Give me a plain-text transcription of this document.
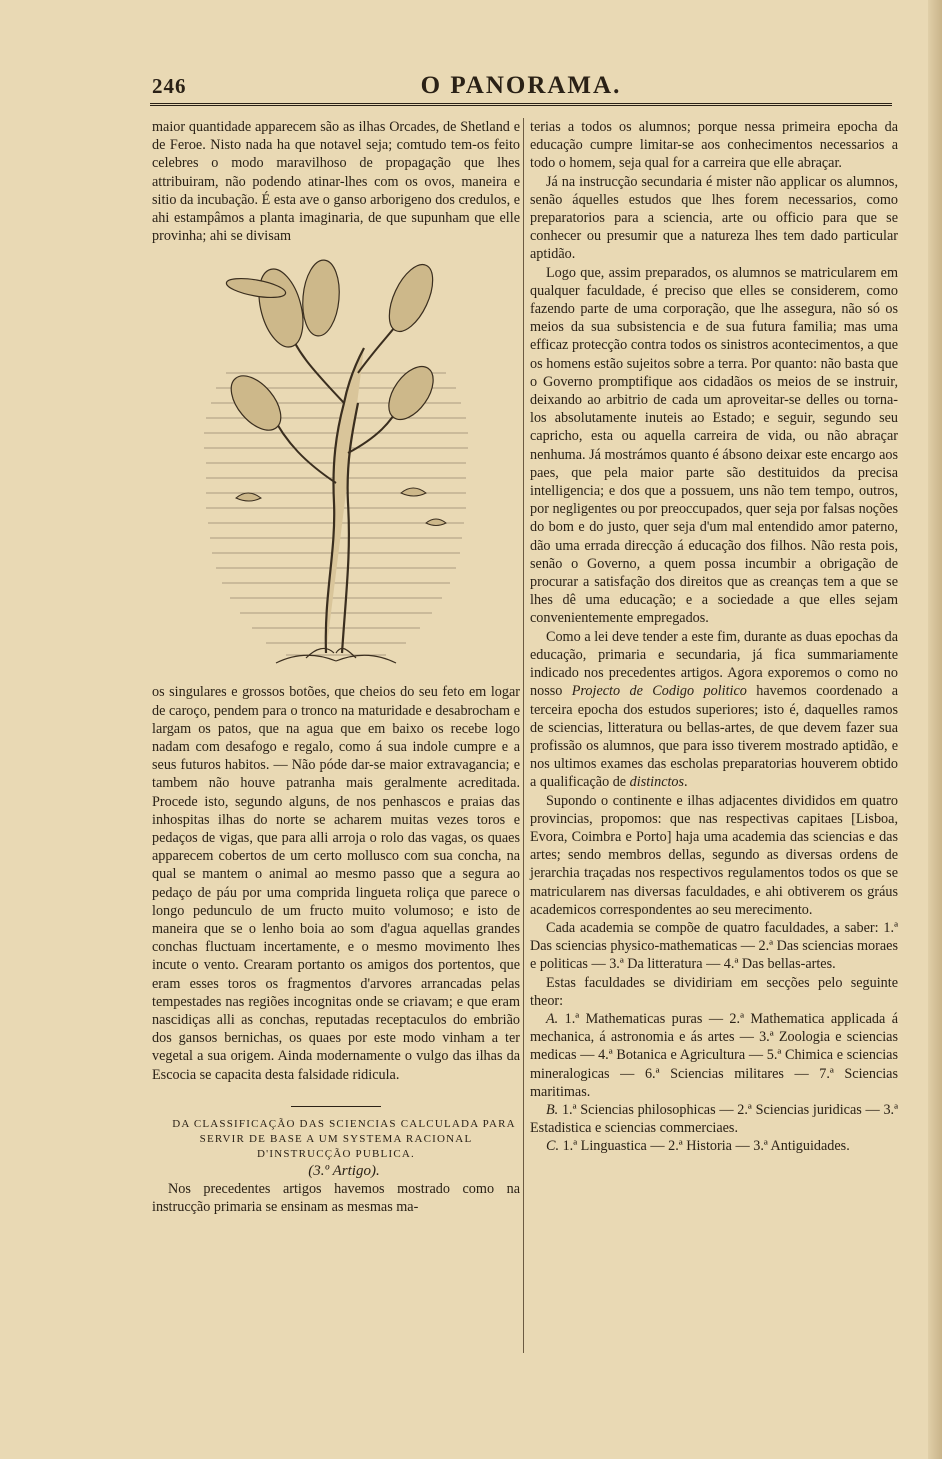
246	O PANORAMA.

maior quantidade apparecem são as ilhas Orcades, de Shetland e de Feroe. Nisto nada ha que notavel seja; comtudo tem-os feito celebres o modo maravilhoso de propagação que lhes attribuiram, não podendo atinar-lhes com os ovos, maneira e sitio da incubação. É esta ave o ganso arborigeno dos credulos, e ahi estampâmos a planta imaginaria, de que supunham que elle provinha; ahi se divisam

os singulares e grossos botões, que cheios do seu feto em logar de caroço, pendem para o tronco na maturidade e desabrocham e largam os patos, que na agua que em baixo os recebe logo nadam com desafogo e regalo, como á sua indole cumpre e a seus futuros habitos. — Não póde dar-se maior extravagancia; e tambem não houve patranha mais geralmente acreditada. Procede isto, segundo alguns, de nos penhascos e praias das inhospitas ilhas do norte se acharem muitas vezes toros e pedaços de vigas, que para alli arroja o rolo das vagas, os quaes apparecem cobertos de um certo mollusco com sua concha, na qual se mantem o animal ao mesmo passo que a segura ao pedaço de páu por uma comprida lingueta roliça que parece o longo pedunculo de um fructo muito volumoso; e isto de maneira que se o lenho boia ao som d'agua aquellas grandes conchas fluctuam incertamente, e o mesmo movimento lhes incute o vento. Crearam portanto os amigos dos portentos, que eram esses toros os fragmentos d'arvores arrancadas pelas tempestades nas regiões incognitas onde se criavam; e que eram nascidiças alli as conchas, reputadas receptaculos do embrião dos gansos bernichas, os quaes por este modo vinham a ter vegetal a sua origem. Ainda modernamente o vulgo das ilhas da Escocia se capacita desta falsidade ridicula.

DA CLASSIFICAÇÃO DAS SCIENCIAS CALCULADA PARA SERVIR DE BASE A UM SYSTEMA RACIONAL D'INSTRUCÇÃO PUBLICA.

(3.º Artigo).

Nos precedentes artigos havemos mostrado como na instrucção primaria se ensinam as mesmas ma-

terias a todos os alumnos; porque nessa primeira epocha da educação cumpre limitar-se aos conhecimentos necessarios a todo o homem, seja qual for a carreira que elle abraçar.

Já na instrucção secundaria é mister não applicar os alumnos, senão áquelles estudos que lhes forem necessarios, como preparatorios para a sciencia, arte ou officio para que se conhecer ou presumir que a natureza lhes tem dado particular aptidão.

Logo que, assim preparados, os alumnos se matricularem em qualquer faculdade, é preciso que elles se considerem, como fazendo parte de uma corporação, que lhe assegura, não só os meios da sua subsistencia e de sua futura familia; mas uma efficaz protecção contra todos os sinistros acontecimentos, a que os homens estão sujeitos sobre a terra. Por quanto: não basta que o Governo promptifique aos cidadãos os meios de se instruir, deixando ao arbitrio de cada um aproveitar-se delles ou torna-los absolutamente inuteis ao Estado; e seguir, segundo seu capricho, esta ou aquella carreira de vida, ou não abraçar nenhuma. Já mostrámos quanto é ábsono deixar este encargo aos paes, que pela maior parte são destituidos da precisa intelligencia; e dos que a possuem, uns não tem tempo, outros, por negligentes ou por preoccupados, quer seja por falsas noções do bom e do justo, quer seja d'um mal entendido amor paterno, dão uma errada direcção á educação dos filhos. Não resta pois, senão o Governo, a quem possa incumbir a obrigação de procurar a satisfação dos direitos que as creanças tem a que se lhes dê uma educação; e a sociedade a que elles sejam convenientemente empregados.

Como a lei deve tender a este fim, durante as duas epochas da educação, primaria e secundaria, já fica summariamente indicado nos precedentes artigos. Agora exporemos o como no nosso Projecto de Codigo politico havemos coordenado a terceira epocha dos estudos superiores; isto é, daquelles ramos de sciencias, litteratura ou bellas-artes, de que devem fazer sua profissão os alumnos, que para isso tiverem mostrado aptidão, e nos ultimos exames das escholas preparatorias houverem obtido a qualificação de distinctos.

Supondo o continente e ilhas adjacentes divididos em quatro provincias, propomos: que nas respectivas capitaes [Lisboa, Evora, Coimbra e Porto] haja uma academia das sciencias e das artes; sendo membros dellas, segundo as diversas ordens de jerarchia traçadas nos respectivos regulamentos todos os que se matricularem nas diversas faculdades, e ahi obtiverem os gráus academicos correspondentes ao seu merecimento.

Cada academia se compõe de quatro faculdades, a saber: 1.ª Das sciencias physico-mathematicas — 2.ª Das sciencias moraes e politicas — 3.ª Da litteratura — 4.ª Das bellas-artes.

Estas faculdades se dividiriam em secções pelo seguinte theor:

A. 1.ª Mathematicas puras — 2.ª Mathematica applicada á mechanica, á astronomia e ás artes — 3.ª Zoologia e sciencias medicas — 4.ª Botanica e Agricultura — 5.ª Chimica e sciencias mineralogicas — 6.ª Sciencias militares — 7.ª Sciencias maritimas.

B. 1.ª Sciencias philosophicas — 2.ª Sciencias juridicas — 3.ª Estadistica e sciencias commerciaes.

C. 1.ª Linguastica — 2.ª Historia — 3.ª Antiguidades.
